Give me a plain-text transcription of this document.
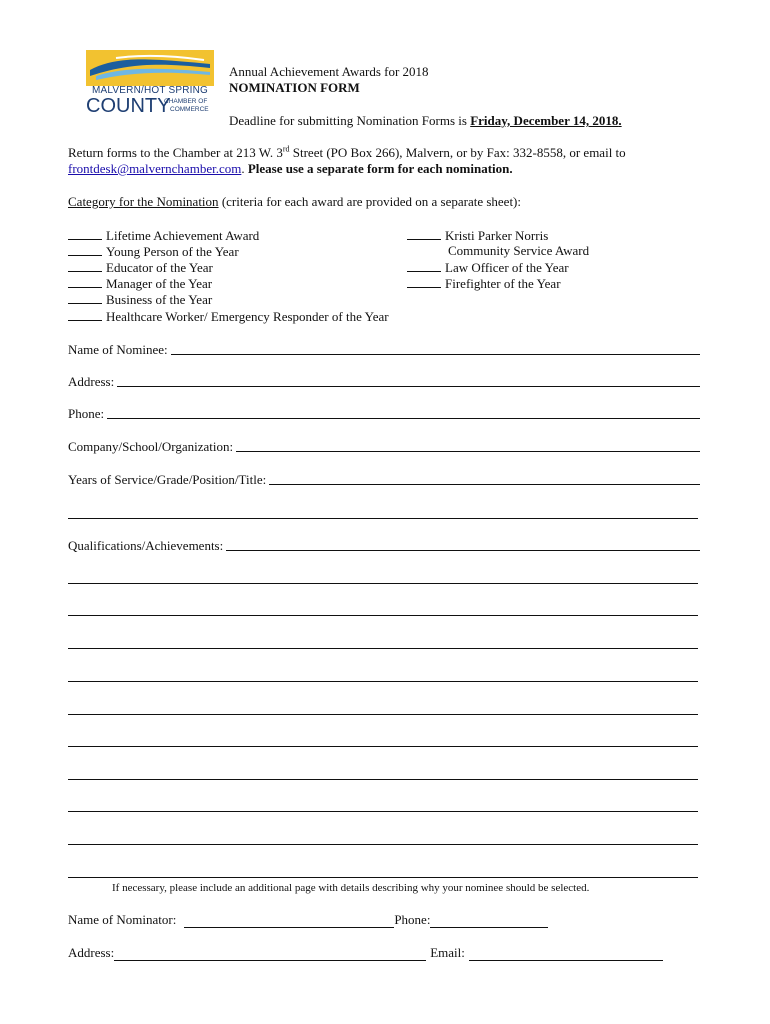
MALVERN/HOT SPRING
COUNTY
CHAMBER OF
COMMERCE
Annual Achievement Awards for 2018
NOMINATION FORM
Deadline for submitting Nomination Forms is Friday, December 14, 2018.
Return forms to the Chamber at 213 W. 3rd Street (PO Box 266), Malvern, or by Fax: 332-8558, or email to
frontdesk@malvernchamber.com. Please use a separate form for each nomination.
Category for the Nomination (criteria for each award are provided on a separate sheet):
Lifetime Achievement Award
Young Person of the Year
Educator of the Year
Manager of the Year
Business of the Year
Healthcare Worker/ Emergency Responder of the Year
Kristi Parker Norris
Community Service Award
Law Officer of the Year
Firefighter of the Year
Name of Nominee:
Address:
Phone:
Company/School/Organization:
Years of Service/Grade/Position/Title:
Qualifications/Achievements:
If necessary, please include an additional page with details describing why your nominee should be selected.
Name of Nominator:	Phone:
Address:	Email:
